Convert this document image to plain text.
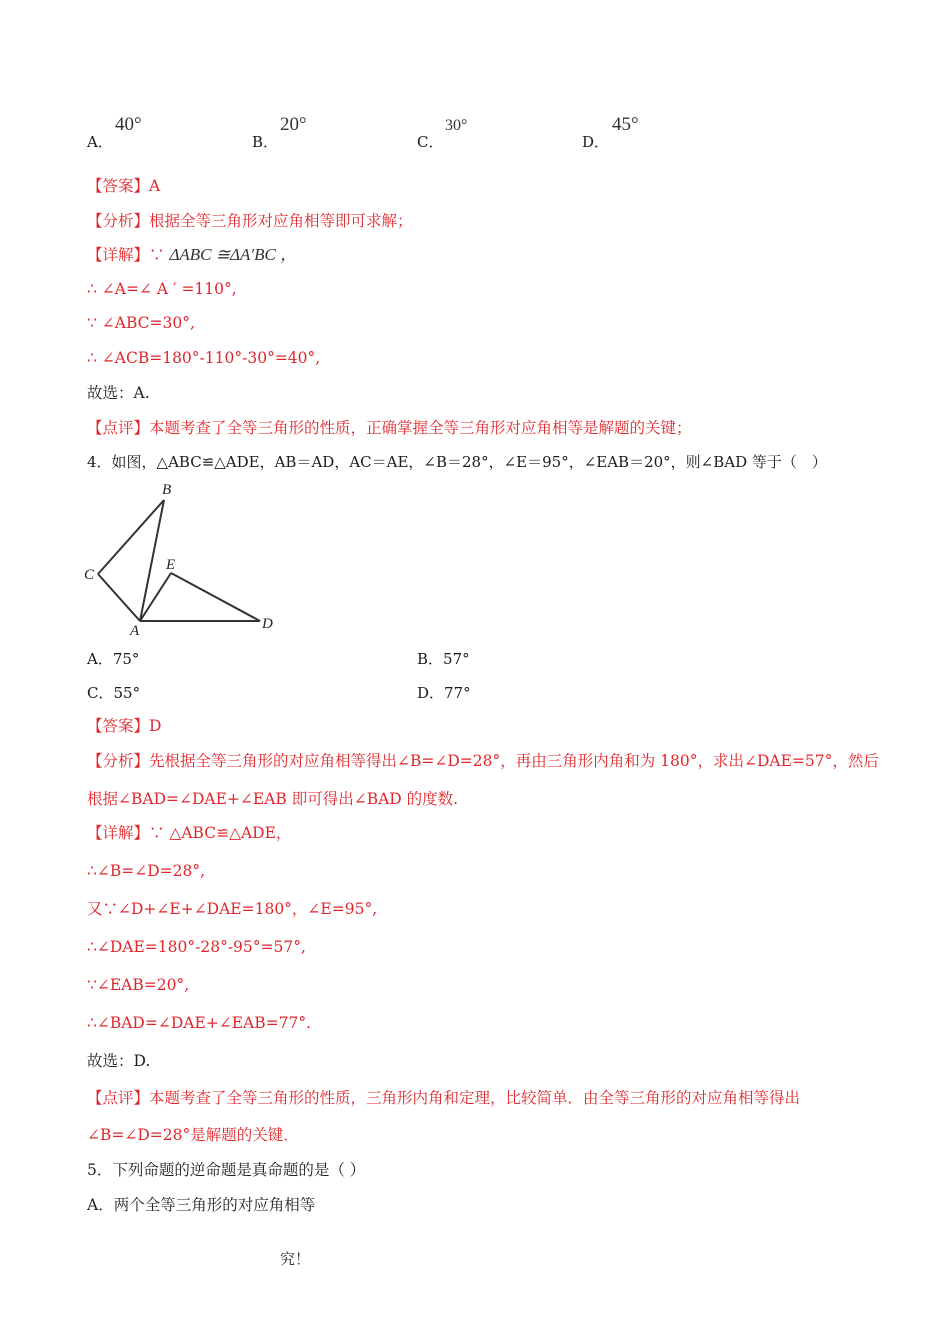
A．
40°
B．
20°
C．
30°
D．
45°
【答案】A
【分析】根据全等三角形对应角相等即可求解；
【详解】∵ ΔABC ≅ΔA′BC ，
∴ ∠A=∠ A ′ =110°,
∵ ∠ABC=30°,
∴ ∠ACB=180°-110°-30°=40°,
故选：A.
【点评】本题考查了全等三角形的性质，正确掌握全等三角形对应角相等是解题的关键；
4．如图，△ABC≌△ADE，AB＝AD，AC＝AE，∠B＝28°，∠E＝95°，∠EAB＝20°，则∠BAD 等于（　）
B
C
E
A	D
A．75°	B．57°
C．55°	D．77°
【答案】D
【分析】先根据全等三角形的对应角相等得出∠B=∠D=28°，再由三角形内角和为 180°，求出∠DAE=57°，然后
根据∠BAD=∠DAE+∠EAB 即可得出∠BAD 的度数.
【详解】∵ △ABC≌△ADE，
∴∠B=∠D=28°,
又∵∠D+∠E+∠DAE=180°，∠E=95°,
∴∠DAE=180°-28°-95°=57°,
∵∠EAB=20°,
∴∠BAD=∠DAE+∠EAB=77°.
故选：D.
【点评】本题考查了全等三角形的性质，三角形内角和定理，比较简单．由全等三角形的对应角相等得出
∠B=∠D=28°是解题的关键．
5．下列命题的逆命题是真命题的是（ ）
A．两个全等三角形的对应角相等
究！
